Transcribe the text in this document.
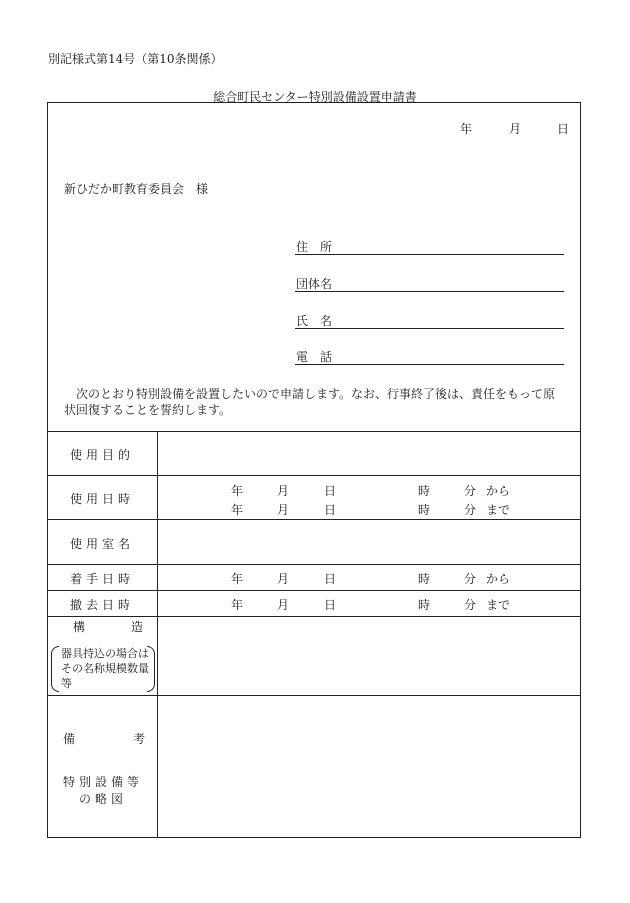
別記様式第14号（第10条関係）
総合町民センター特別設備設置申請書
年	月	日
新ひだか町教育委員会　様
住　所
団体名
氏　名
電　話
次のとおり特別設備を設置したいので申請します。なお、行事終了後は、責任をもって原状回復することを誓約します。
使用目的
使用日時
年	月	日	時	分 から
年	月	日	時	分 まで
使用室名
着手日時	年	月	日	時	分 から
撤去日時	年	月	日	時	分 まで
構	造
器具持込の場合はその名称規模数量等
備	考
特別設備等の略図
